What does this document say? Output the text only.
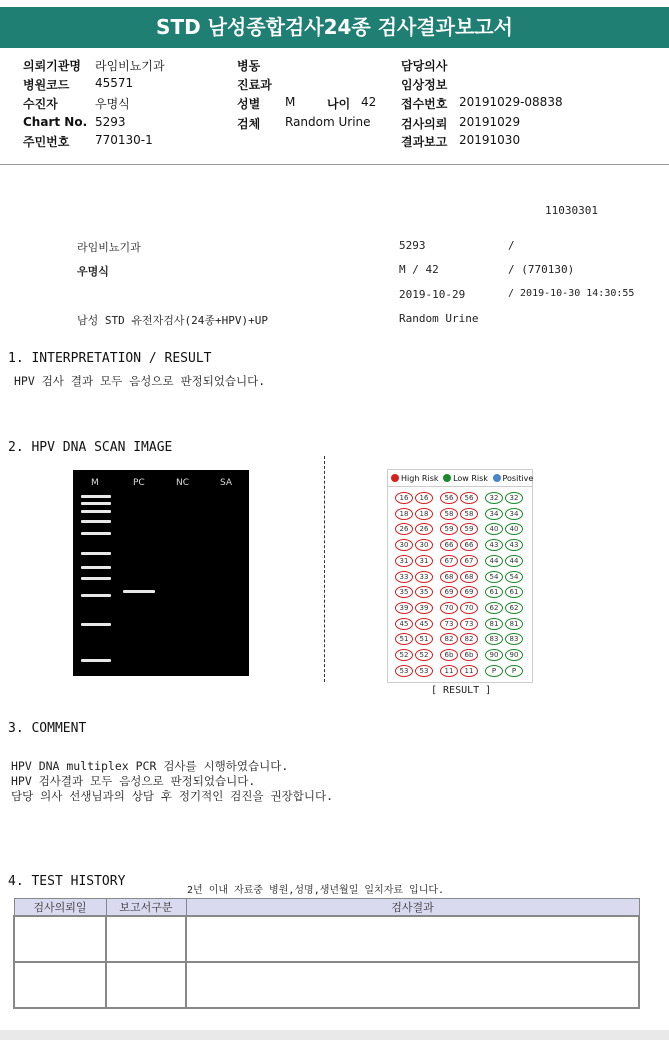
STD 남성종합검사24종 검사결과보고서
의뢰기관명 라임비뇨기과
병원코드 45571
수진자	우명식
Chart No. 5293
주민번호 770130-1
병동
진료과
성별 M	나이 42
검체 Random Urine
담당의사
임상정보
접수번호 20191029-08838
검사의뢰 20191029
결과보고 20191030
11030301
라임비뇨기과	5293	/
우명식	M / 42	/ (770130)
2019-10-29	/ 2019-10-30 14:30:55
남성 STD 유전자검사(24종+HPV)+UP	Random Urine
1. INTERPRETATION / RESULT
HPV 검사 결과 모두 음성으로 판정되었습니다.
2. HPV DNA SCAN IMAGE
M	PC	NC	SA	High Risk Low Risk Positive
16	16	56	56	32	32
18	18	58	58	34	34
26	26	59	59	40	40
30	30	66	66	43	43
31	31	67	67	44	44
33	33	68	68	54	54
35	35	69	69	61	61
39	39	70	70	62	62
45	45	73	73	81	81
51	51	82	82	83	83
52	52	6b	6b	90	90
53	53	11	11	P	P
[ RESULT ]
3. COMMENT
HPV DNA multiplex PCR 검사를 시행하였습니다.
HPV 검사결과 모두 음성으로 판정되었습니다.
담당 의사 선생님과의 상담 후 정기적인 검진을 권장합니다.
4. TEST HISTORY
2년 이내 자료중 병원,성명,생년월일 일치자료 입니다.
검사의뢰일	보고서구분	검사결과
